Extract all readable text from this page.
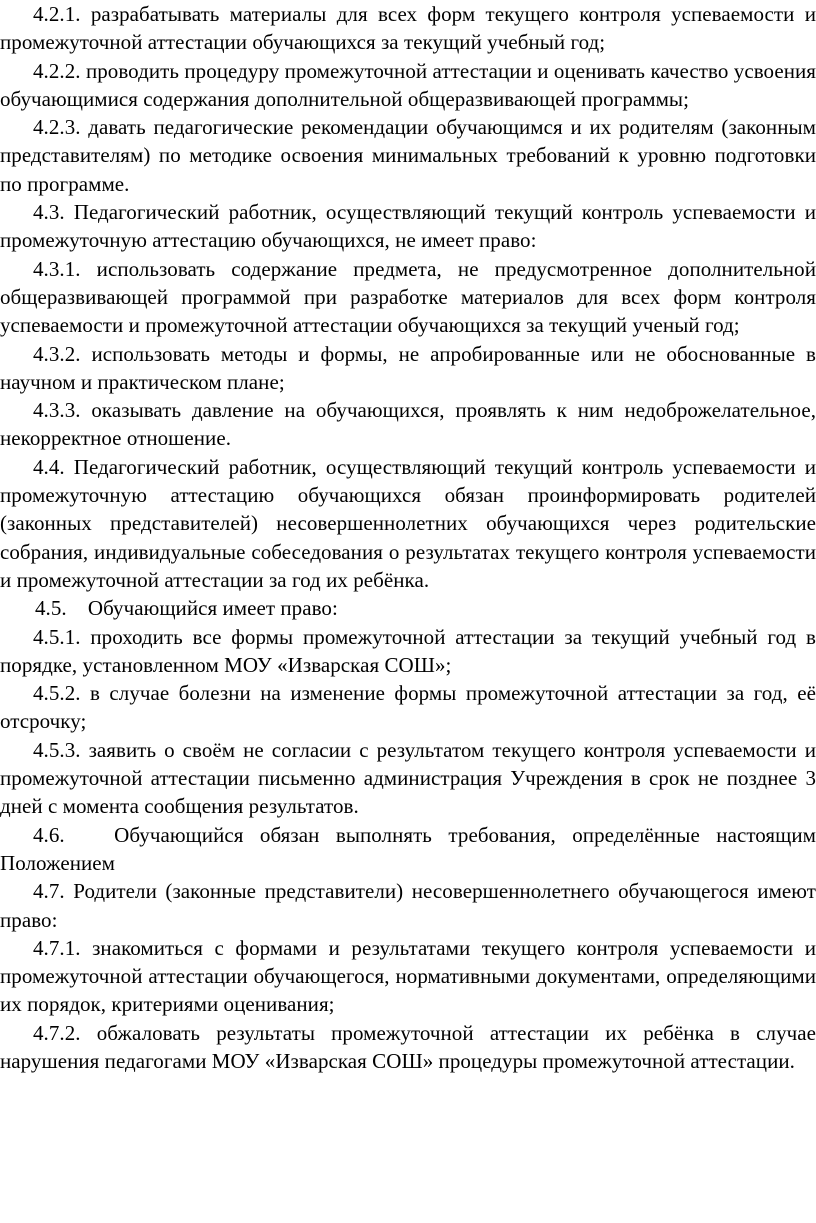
4.2.1. разрабатывать материалы для всех форм текущего контроля успеваемости и промежуточной аттестации обучающихся за текущий учебный год;

4.2.2. проводить процедуру промежуточной аттестации и оценивать качество усвоения обучающимися содержания дополнительной общеразвивающей программы;

4.2.3. давать педагогические рекомендации обучающимся и их родителям (законным представителям) по методике освоения минимальных требований к уровню подготовки по программе.

4.3. Педагогический работник, осуществляющий текущий контроль успеваемости и промежуточную аттестацию обучающихся, не имеет право:

4.3.1. использовать содержание предмета, не предусмотренное дополнительной общеразвивающей программой при разработке материалов для всех форм контроля успеваемости и промежуточной аттестации обучающихся за текущий ученый год;

4.3.2. использовать методы и формы, не апробированные или не обоснованные в научном и практическом плане;

4.3.3. оказывать давление на обучающихся, проявлять к ним недоброжелательное, некорректное отношение.

4.4. Педагогический работник, осуществляющий текущий контроль успеваемости и промежуточную аттестацию обучающихся обязан проинформировать родителей (законных представителей) несовершеннолетних обучающихся через родительские собрания, индивидуальные собеседования о результатах текущего контроля успеваемости и промежуточной аттестации за год их ребёнка.

4.5.    Обучающийся имеет право:

4.5.1. проходить все формы промежуточной аттестации за текущий учебный год в порядке, установленном МОУ «Изварская СОШ»;

4.5.2. в случае болезни на изменение формы промежуточной аттестации за год, её отсрочку;

4.5.3. заявить о своём не согласии с результатом текущего контроля успеваемости и промежуточной аттестации письменно администрация Учреждения в срок не позднее 3 дней с момента сообщения результатов.

4.6.   Обучающийся обязан выполнять требования, определённые настоящим Положением

4.7. Родители (законные представители) несовершеннолетнего обучающегося имеют право:

4.7.1. знакомиться с формами и результатами текущего контроля успеваемости и промежуточной аттестации обучающегося, нормативными документами, определяющими их порядок, критериями оценивания;

4.7.2. обжаловать результаты промежуточной аттестации их ребёнка в случае нарушения педагогами МОУ «Изварская СОШ» процедуры промежуточной аттестации.
